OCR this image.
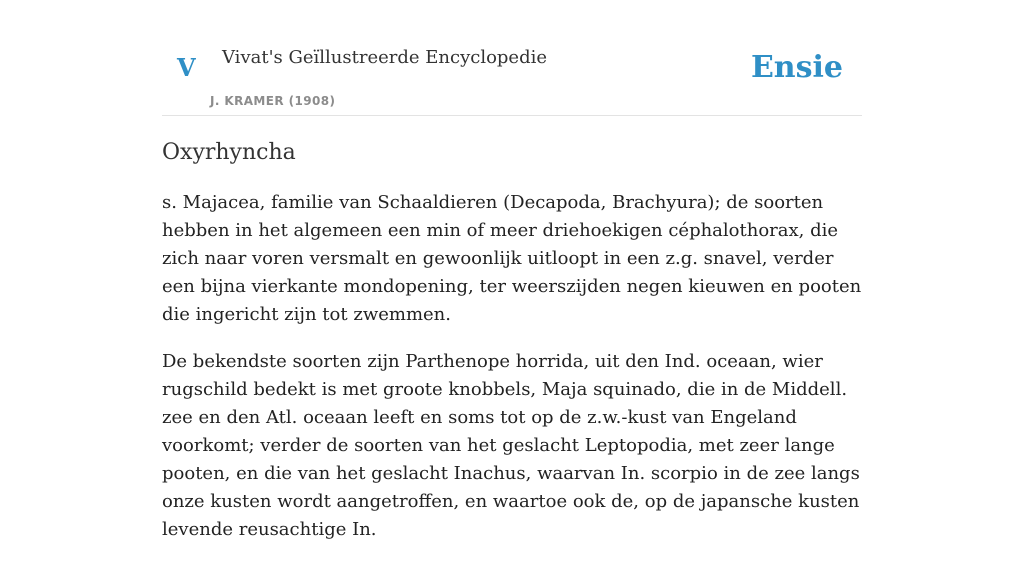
V Vivat's Geïllustreerde Encyclopedie
J. KRAMER (1908)
Ensie
Oxyrhyncha

s. Majacea, familie van Schaaldieren (Decapoda, Brachyura); de soorten hebben in het algemeen een min of meer driehoekigen céphalothorax, die zich naar voren versmalt en gewoonlijk uitloopt in een z.g. snavel, verder een bijna vierkante mondopening, ter weerszijden negen kieuwen en pooten die ingericht zijn tot zwemmen.

De bekendste soorten zijn Parthenope horrida, uit den Ind. oceaan, wier rugschild bedekt is met groote knobbels, Maja squinado, die in de Middell. zee en den Atl. oceaan leeft en soms tot op de z.w.-kust van Engeland voorkomt; verder de soorten van het geslacht Leptopodia, met zeer lange pooten, en die van het geslacht Inachus, waarvan In. scorpio in de zee langs onze kusten wordt aangetroffen, en waartoe ook de, op de japansche kusten levende reusachtige In.
